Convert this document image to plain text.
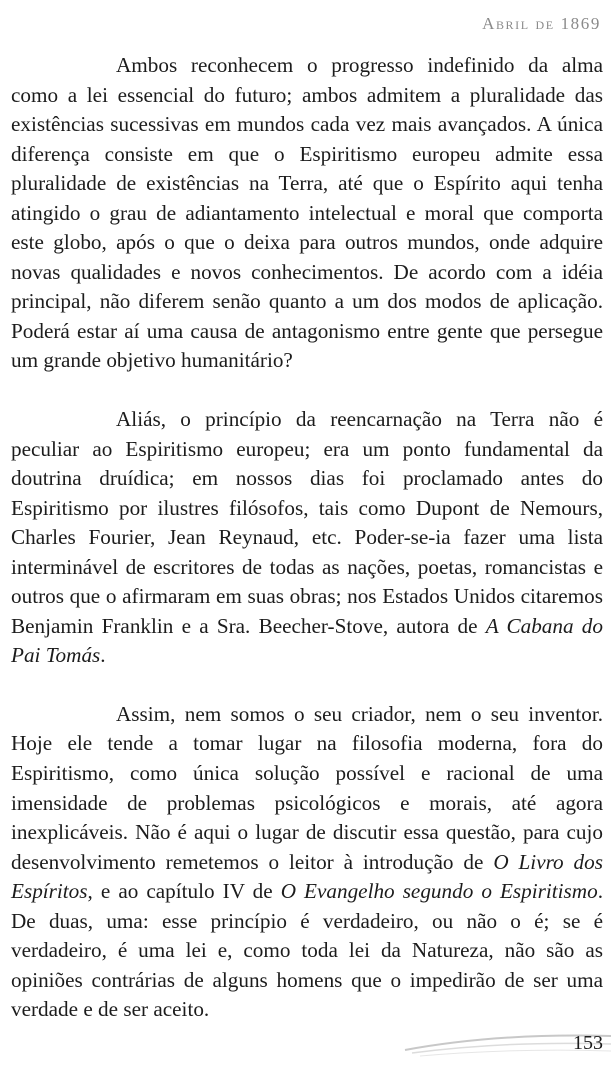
Abril de 1869

Ambos reconhecem o progresso indefinido da alma como a lei essencial do futuro; ambos admitem a pluralidade das existências sucessivas em mundos cada vez mais avançados. A única diferença consiste em que o Espiritismo europeu admite essa pluralidade de existências na Terra, até que o Espírito aqui tenha atingido o grau de adiantamento intelectual e moral que comporta este globo, após o que o deixa para outros mundos, onde adquire novas qualidades e novos conhecimentos. De acordo com a idéia principal, não diferem senão quanto a um dos modos de aplicação. Poderá estar aí uma causa de antagonismo entre gente que persegue um grande objetivo humanitário?

Aliás, o princípio da reencarnação na Terra não é peculiar ao Espiritismo europeu; era um ponto fundamental da doutrina druídica; em nossos dias foi proclamado antes do Espiritismo por ilustres filósofos, tais como Dupont de Nemours, Charles Fourier, Jean Reynaud, etc. Poder-se-ia fazer uma lista interminável de escritores de todas as nações, poetas, romancistas e outros que o afirmaram em suas obras; nos Estados Unidos citaremos Benjamin Franklin e a Sra. Beecher-Stove, autora de A Cabana do Pai Tomás.

Assim, nem somos o seu criador, nem o seu inventor. Hoje ele tende a tomar lugar na filosofia moderna, fora do Espiritismo, como única solução possível e racional de uma imensidade de problemas psicológicos e morais, até agora inexplicáveis. Não é aqui o lugar de discutir essa questão, para cujo desenvolvimento remetemos o leitor à introdução de O Livro dos Espíritos, e ao capítulo IV de O Evangelho segundo o Espiritismo. De duas, uma: esse princípio é verdadeiro, ou não o é; se é verdadeiro, é uma lei e, como toda lei da Natureza, não são as opiniões contrárias de alguns homens que o impedirão de ser uma verdade e de ser aceito.

153
